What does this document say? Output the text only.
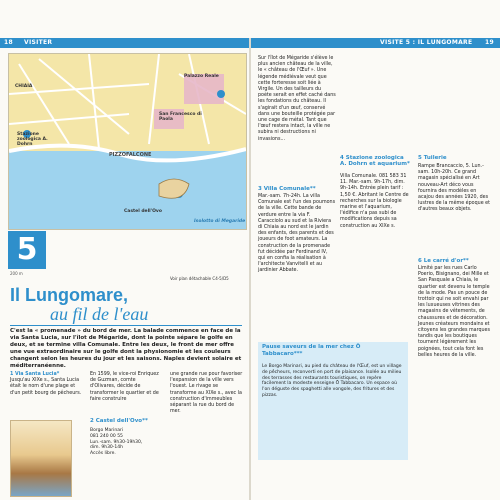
18 VISITER	VISITE 5 : IL LUNGOMARE 19
Palazzo Reale
San Francesco di Paola
Castel dell'Ovo
Stazione zoologica A. Dohrn
PIZZOFALCONE
CHIAIA
Isolotto di Megaride
5
200 m
Voir plan détachable C4-5/D5
Il Lungomare,
au fil de l'eau
C'est la « promenade » du bord de mer. La balade commence en face de la via Santa Lucia, sur l'îlot de Mégaride, dont la pointe sépare le golfe en deux, et se termine villa Comunale. Entre les deux, le front de mer offre une vue extraordinaire sur le golfe dont la physionomie et les couleurs changent selon les heures du jour et les saisons. Naples devient solaire et méditerranéenne.
1 Via Santa Lucia*
Jusqu'au XIXe s., Santa Lucia était le nom d'une plage et d'un petit bourg de pêcheurs.
En 1599, le vice-roi Enriquez de Guzman, comte d'Olivares, décide de transformer le quartier et de faire construire
une grande rue pour favoriser l'expansion de la ville vers l'ouest. Le rivage se transforme au XIXe s., avec la construction d'immeubles séparant la rue du bord de mer.
2 Castel dell'Ovo**
Borgo Marinari
081 240 00 55
Lun.-sam. 9h30-19h30,
dim. 9h30-14h
Accès libre.
Sur l'îlot de Mégaride s'élève le plus ancien château de la ville, le « château de l'Œuf ». Une légende médiévale veut que cette forteresse soit liée à Virgile. Un des tailleurs du poète serait en effet caché dans les fondations du château. Il s'agirait d'un œuf, conservé dans une bouteille protégée par une cage de métal. Tant que l'œuf restera intact, la ville ne subira ni destructions ni invasions...
3 Villa Comunale**
Mar.-sam. 7h-24h. La villa Comunale est l'un des poumons de la ville. Cette bande de verdure entre la via F. Caracciolo au sud et la Riviera di Chiaia au nord est le jardin des enfants, des parents et des joueurs de foot amateurs. La construction de la promenade fut décidée par Ferdinand IV, qui en confia la réalisation à l'architecte Vanvitelli et au jardinier Abbate.
4 Stazione zoologica A. Dohrn et aquarium*
Villa Comunale. 081 583 31 11. Mar.-sam. 9h-17h, dim. 9h-14h. Entrée plein tarif : 1,50 €. Abritant le Centre de recherches sur la biologie marine et l'aquarium, l'édifice n'a pas subi de modifications depuis sa construction au XIXe s.
5 Tuilerie
Rampe Brancaccio, 5. Lun.-sam. 10h-20h. Ce grand magasin spécialisé en Art nouveau-Art déco vous fournira des modèles en acajou des années 1920, des lustres de la même époque et d'autres beaux objets.
Pause saveurs de la mer chez Ö Tabbacaro***
Le Borgo Marinari, au pied du château de l'Œuf, est un village de pêcheurs, reconverti en port de plaisance. Isolée au milieu des terrasses des restaurants touristiques, on repère facilement la modeste enseigne Ö Tabbacaro. Un espace où l'on déguste des spaghetti alle vongole, des fritures et des pizzas.
6 Le carré d'or**
Limité par les rues Carlo Poerio, Bisignano, dei Mille et San Pasquale a Chiaia, le quartier est devenu le temple de la mode. Pas un pouce de trottoir qui ne soit envahi par les luxueuses vitrines des magasins de vêtements, de chaussures et de décoration. Jeunes créateurs mondains et citoyens les grandes marques tandis que les boutiques tournent légèrement les poignées, tout cela font les belles heures de la ville.
